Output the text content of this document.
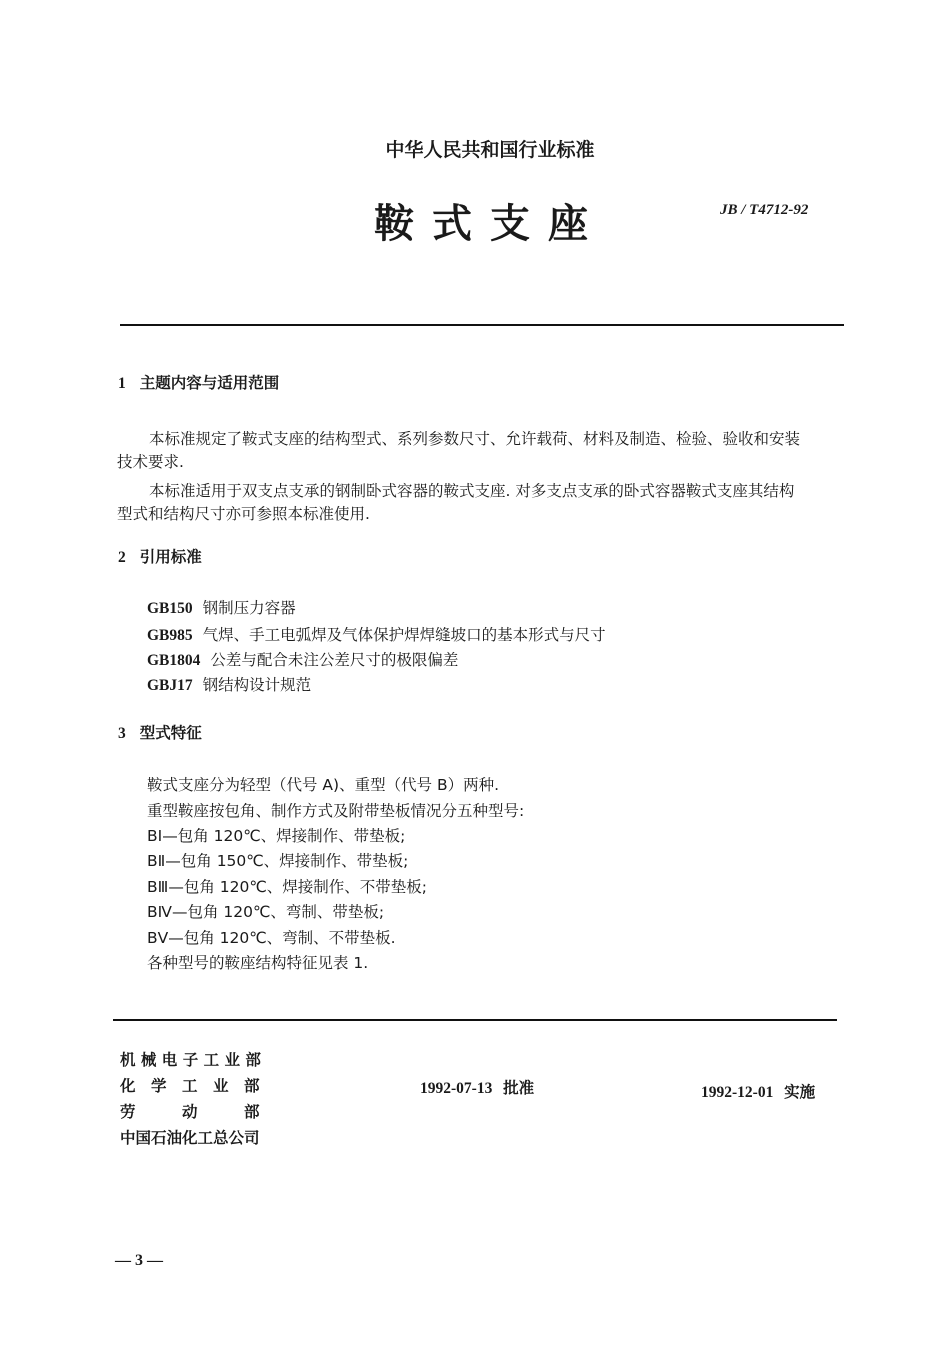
中华人民共和国行业标准
鞍式支座	JB / T4712-92
1 主题内容与适用范围
本标准规定了鞍式支座的结构型式、系列参数尺寸、允许载荷、材料及制造、检验、验收和安装
技术要求.
本标准适用于双支点支承的钢制卧式容器的鞍式支座. 对多支点支承的卧式容器鞍式支座其结构
型式和结构尺寸亦可参照本标准使用.
2 引用标准
GB150 钢制压力容器
GB985 气焊、手工电弧焊及气体保护焊焊缝坡口的基本形式与尺寸
GB1804 公差与配合未注公差尺寸的极限偏差
GBJ17 钢结构设计规范
3 型式特征
鞍式支座分为轻型（代号 A)、重型（代号 B）两种.
重型鞍座按包角、制作方式及附带垫板情况分五种型号:
BⅠ—包角 120℃、焊接制作、带垫板;
BⅡ—包角 150℃、焊接制作、带垫板;
BⅢ—包角 120℃、焊接制作、不带垫板;
BⅣ—包角 120℃、弯制、带垫板;
BⅤ—包角 120℃、弯制、不带垫板.
各种型号的鞍座结构特征见表 1.
机 械 电 子 工 业 部
化　学　工　业　部
劳　　　动　　　部
中国石油化工总公司
1992-07-13 批准	1992-12-01 实施
— 3 —
